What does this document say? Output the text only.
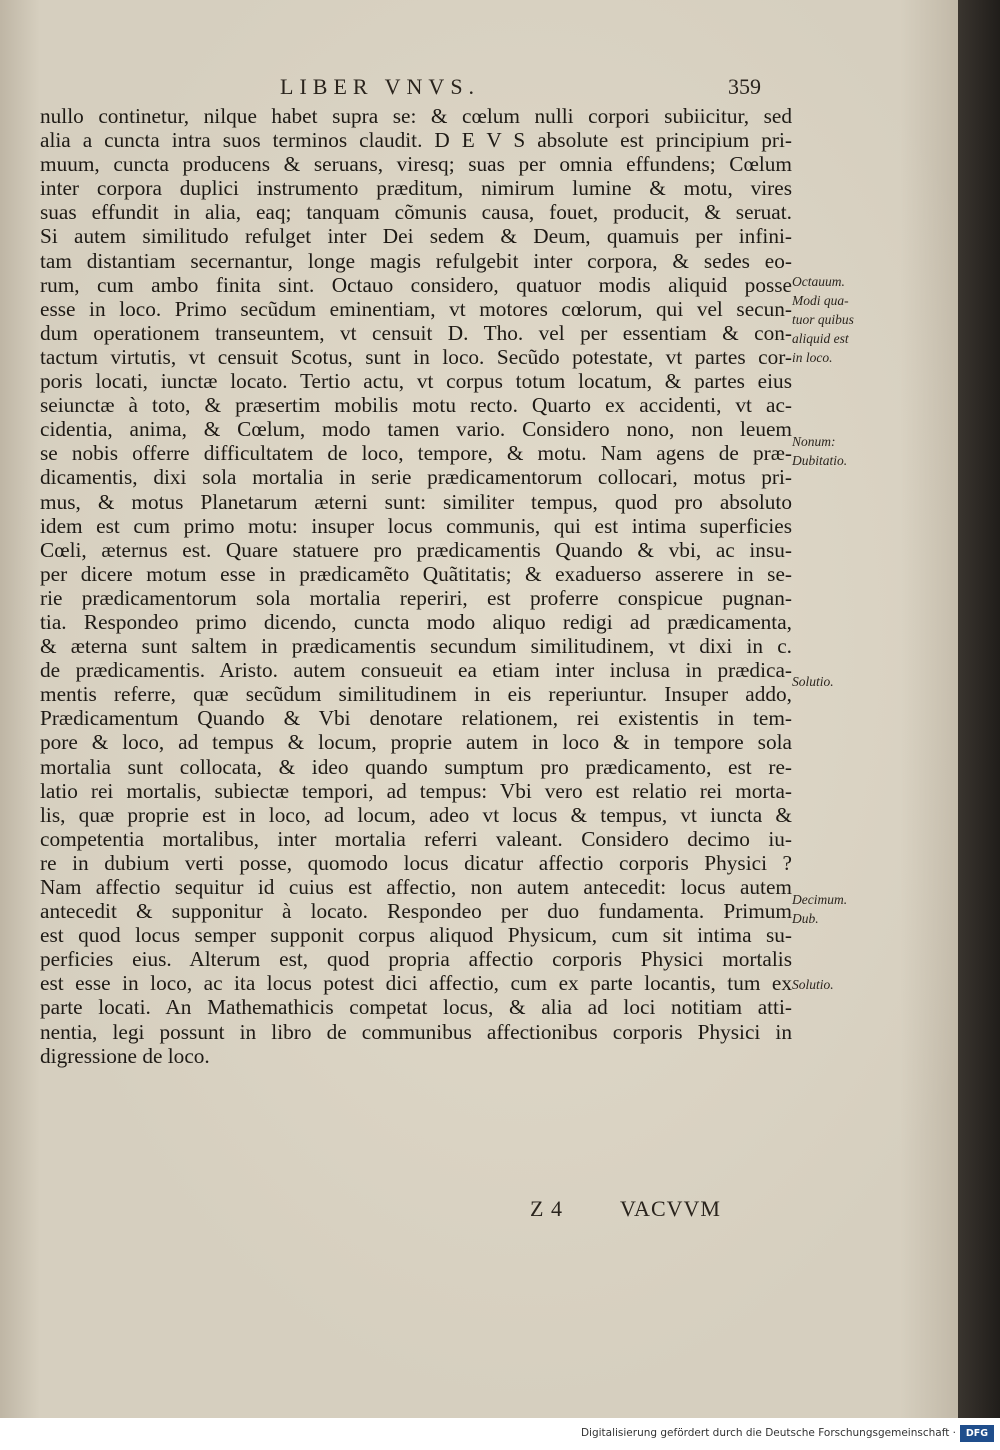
LIBER VNVS.	359
nullo continetur, nilque habet supra se: & cœlum nulli corpori subiicitur, sed
alia a cuncta intra suos terminos claudit. D E V S absolute est principium pri-
muum, cuncta producens & seruans, viresq; suas per omnia effundens; Cœlum
inter corpora duplici instrumento præditum, nimirum lumine & motu, vires
suas effundit in alia, eaq; tanquam cõmunis causa, fouet, producit, & seruat.
Si autem similitudo refulget inter Dei sedem & Deum, quamuis per infini-
tam distantiam secernantur, longe magis refulgebit inter corpora, & sedes eo-
rum, cum ambo finita sint. Octauo considero, quatuor modis aliquid posse
esse in loco. Primo secũdum eminentiam, vt motores cœlorum, qui vel secun-
dum operationem transeuntem, vt censuit D. Tho. vel per essentiam & con-
tactum virtutis, vt censuit Scotus, sunt in loco. Secũdo potestate, vt partes cor-
poris locati, iunctæ locato. Tertio actu, vt corpus totum locatum, & partes eius
seiunctæ à toto, & præsertim mobilis motu recto. Quarto ex accidenti, vt ac-
cidentia, anima, & Cœlum, modo tamen vario. Considero nono, non leuem
se nobis offerre difficultatem de loco, tempore, & motu. Nam agens de præ-
dicamentis, dixi sola mortalia in serie prædicamentorum collocari, motus pri-
mus, & motus Planetarum æterni sunt: similiter tempus, quod pro absoluto
idem est cum primo motu: insuper locus communis, qui est intima superficies
Cœli, æternus est. Quare statuere pro prædicamentis Quando & vbi, ac insu-
per dicere motum esse in prædicamẽto Quãtitatis; & exaduerso asserere in se-
rie prædicamentorum sola mortalia reperiri, est proferre conspicue pugnan-
tia. Respondeo primo dicendo, cuncta modo aliquo redigi ad prædicamenta,
& æterna sunt saltem in prædicamentis secundum similitudinem, vt dixi in c.
de prædicamentis. Aristo. autem consueuit ea etiam inter inclusa in prædica-
mentis referre, quæ secũdum similitudinem in eis reperiuntur. Insuper addo,
Prædicamentum Quando & Vbi denotare relationem, rei existentis in tem-
pore & loco, ad tempus & locum, proprie autem in loco & in tempore sola
mortalia sunt collocata, & ideo quando sumptum pro prædicamento, est re-
latio rei mortalis, subiectæ tempori, ad tempus: Vbi vero est relatio rei morta-
lis, quæ proprie est in loco, ad locum, adeo vt locus & tempus, vt iuncta &
competentia mortalibus, inter mortalia referri valeant. Considero decimo iu-
re in dubium verti posse, quomodo locus dicatur affectio corporis Physici ?
Nam affectio sequitur id cuius est affectio, non autem antecedit: locus autem
antecedit & supponitur à locato. Respondeo per duo fundamenta. Primum
est quod locus semper supponit corpus aliquod Physicum, cum sit intima su-
perficies eius. Alterum est, quod propria affectio corporis Physici mortalis
est esse in loco, ac ita locus potest dici affectio, cum ex parte locantis, tum ex
parte locati. An Mathemathicis competat locus, & alia ad loci notitiam atti-
nentia, legi possunt in libro de communibus affectionibus corporis Physici in
digressione de loco.
Octauum.
Modi qua-
tuor quibus
aliquid est
in loco.
Nonum:
Dubitatio.
Solutio.
Decimum.
Dub.
Solutio.
Z 4	VACVVM
Digitalisierung gefördert durch die Deutsche Forschungsgemeinschaft ·	DFG
